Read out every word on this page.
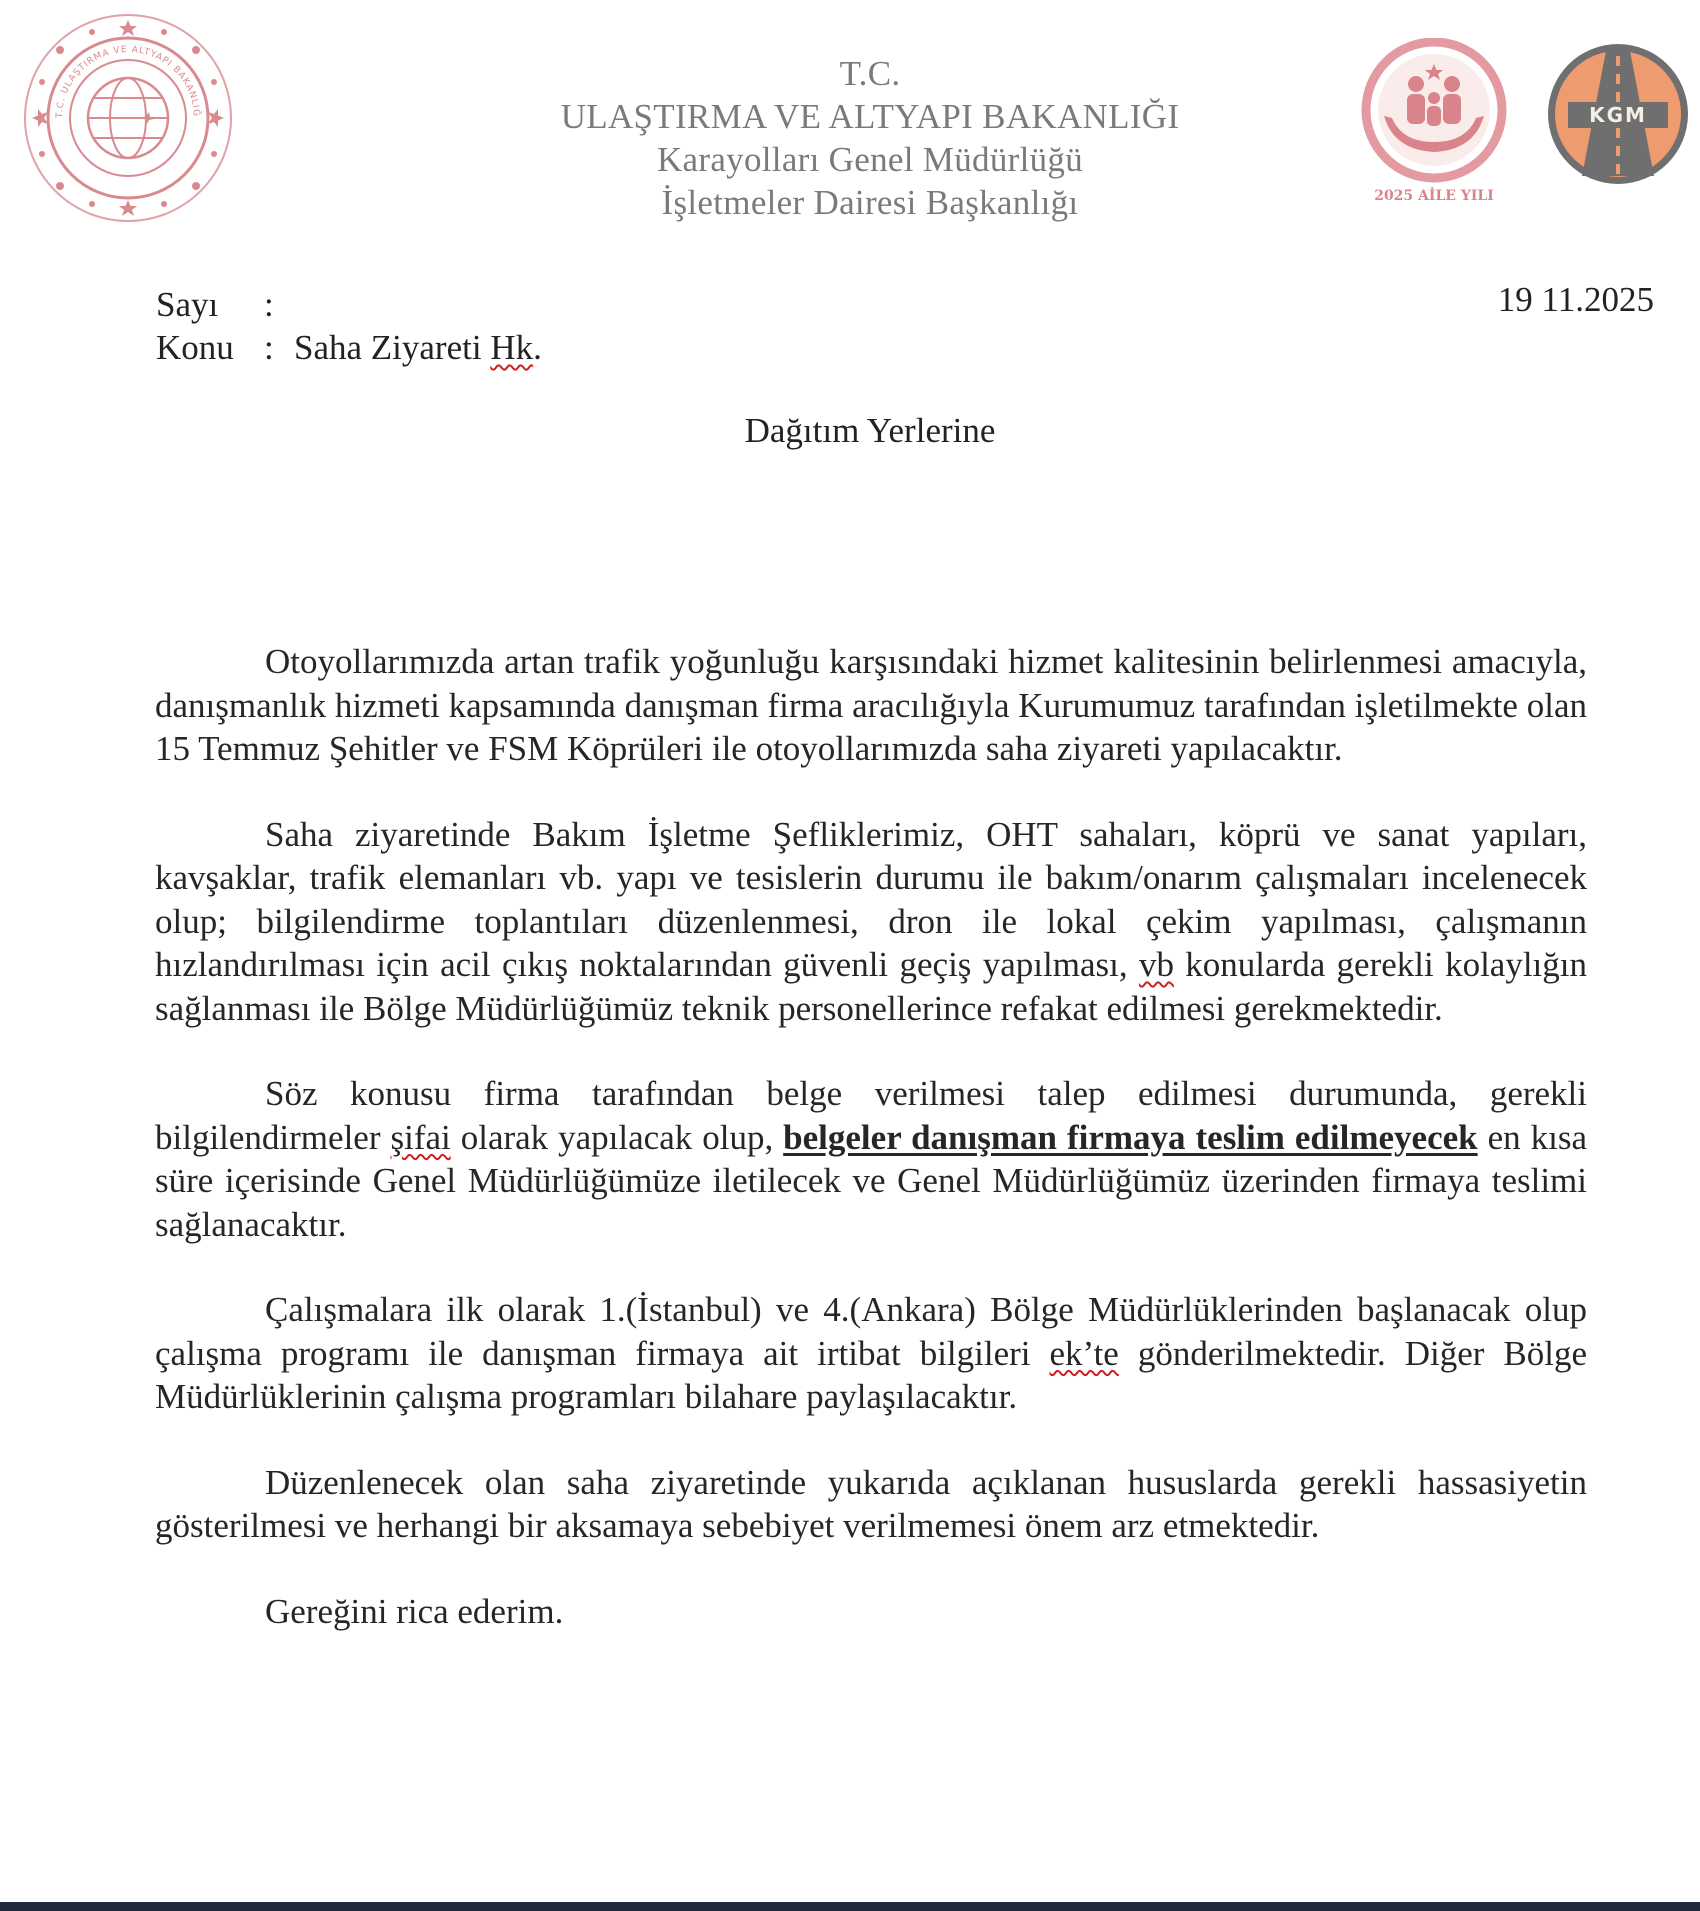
T.C. ULAŞTIRMA VE ALTYAPI BAKANLIĞ
T.C.
ULAŞTIRMA VE ALTYAPI BAKANLIĞI
Karayolları Genel Müdürlüğü
İşletmeler Dairesi Başkanlığı	2025 AİLE YILI
KGM
Sayı :
Konu : Saha Ziyareti Hk.
19 11.2025
Dağıtım Yerlerine

Otoyollarımızda artan trafik yoğunluğu karşısındaki hizmet kalitesinin belirlenmesi amacıyla, danışmanlık hizmeti kapsamında danışman firma aracılığıyla Kurumumuz tarafından işletilmekte olan 15 Temmuz Şehitler ve FSM Köprüleri ile otoyollarımızda saha ziyareti yapılacaktır.

Saha ziyaretinde Bakım İşletme Şefliklerimiz, OHT sahaları, köprü ve sanat yapıları, kavşaklar, trafik elemanları vb. yapı ve tesislerin durumu ile bakım/onarım çalışmaları incelenecek olup; bilgilendirme toplantıları düzenlenmesi, dron ile lokal çekim yapılması, çalışmanın hızlandırılması için acil çıkış noktalarından güvenli geçiş yapılması, vb konularda gerekli kolaylığın sağlanması ile Bölge Müdürlüğümüz teknik personellerince refakat edilmesi gerekmektedir.

Söz konusu firma tarafından belge verilmesi talep edilmesi durumunda, gerekli bilgilendirmeler şifai olarak yapılacak olup, belgeler danışman firmaya teslim edilmeyecek en kısa süre içerisinde Genel Müdürlüğümüze iletilecek ve Genel Müdürlüğümüz üzerinden firmaya teslimi sağlanacaktır.

Çalışmalara ilk olarak 1.(İstanbul) ve 4.(Ankara) Bölge Müdürlüklerinden başlanacak olup çalışma programı ile danışman firmaya ait irtibat bilgileri ek’te gönderilmektedir. Diğer Bölge Müdürlüklerinin çalışma programları bilahare paylaşılacaktır.

Düzenlenecek olan saha ziyaretinde yukarıda açıklanan hususlarda gerekli hassasiyetin gösterilmesi ve herhangi bir aksamaya sebebiyet verilmemesi önem arz etmektedir.

Gereğini rica ederim.
